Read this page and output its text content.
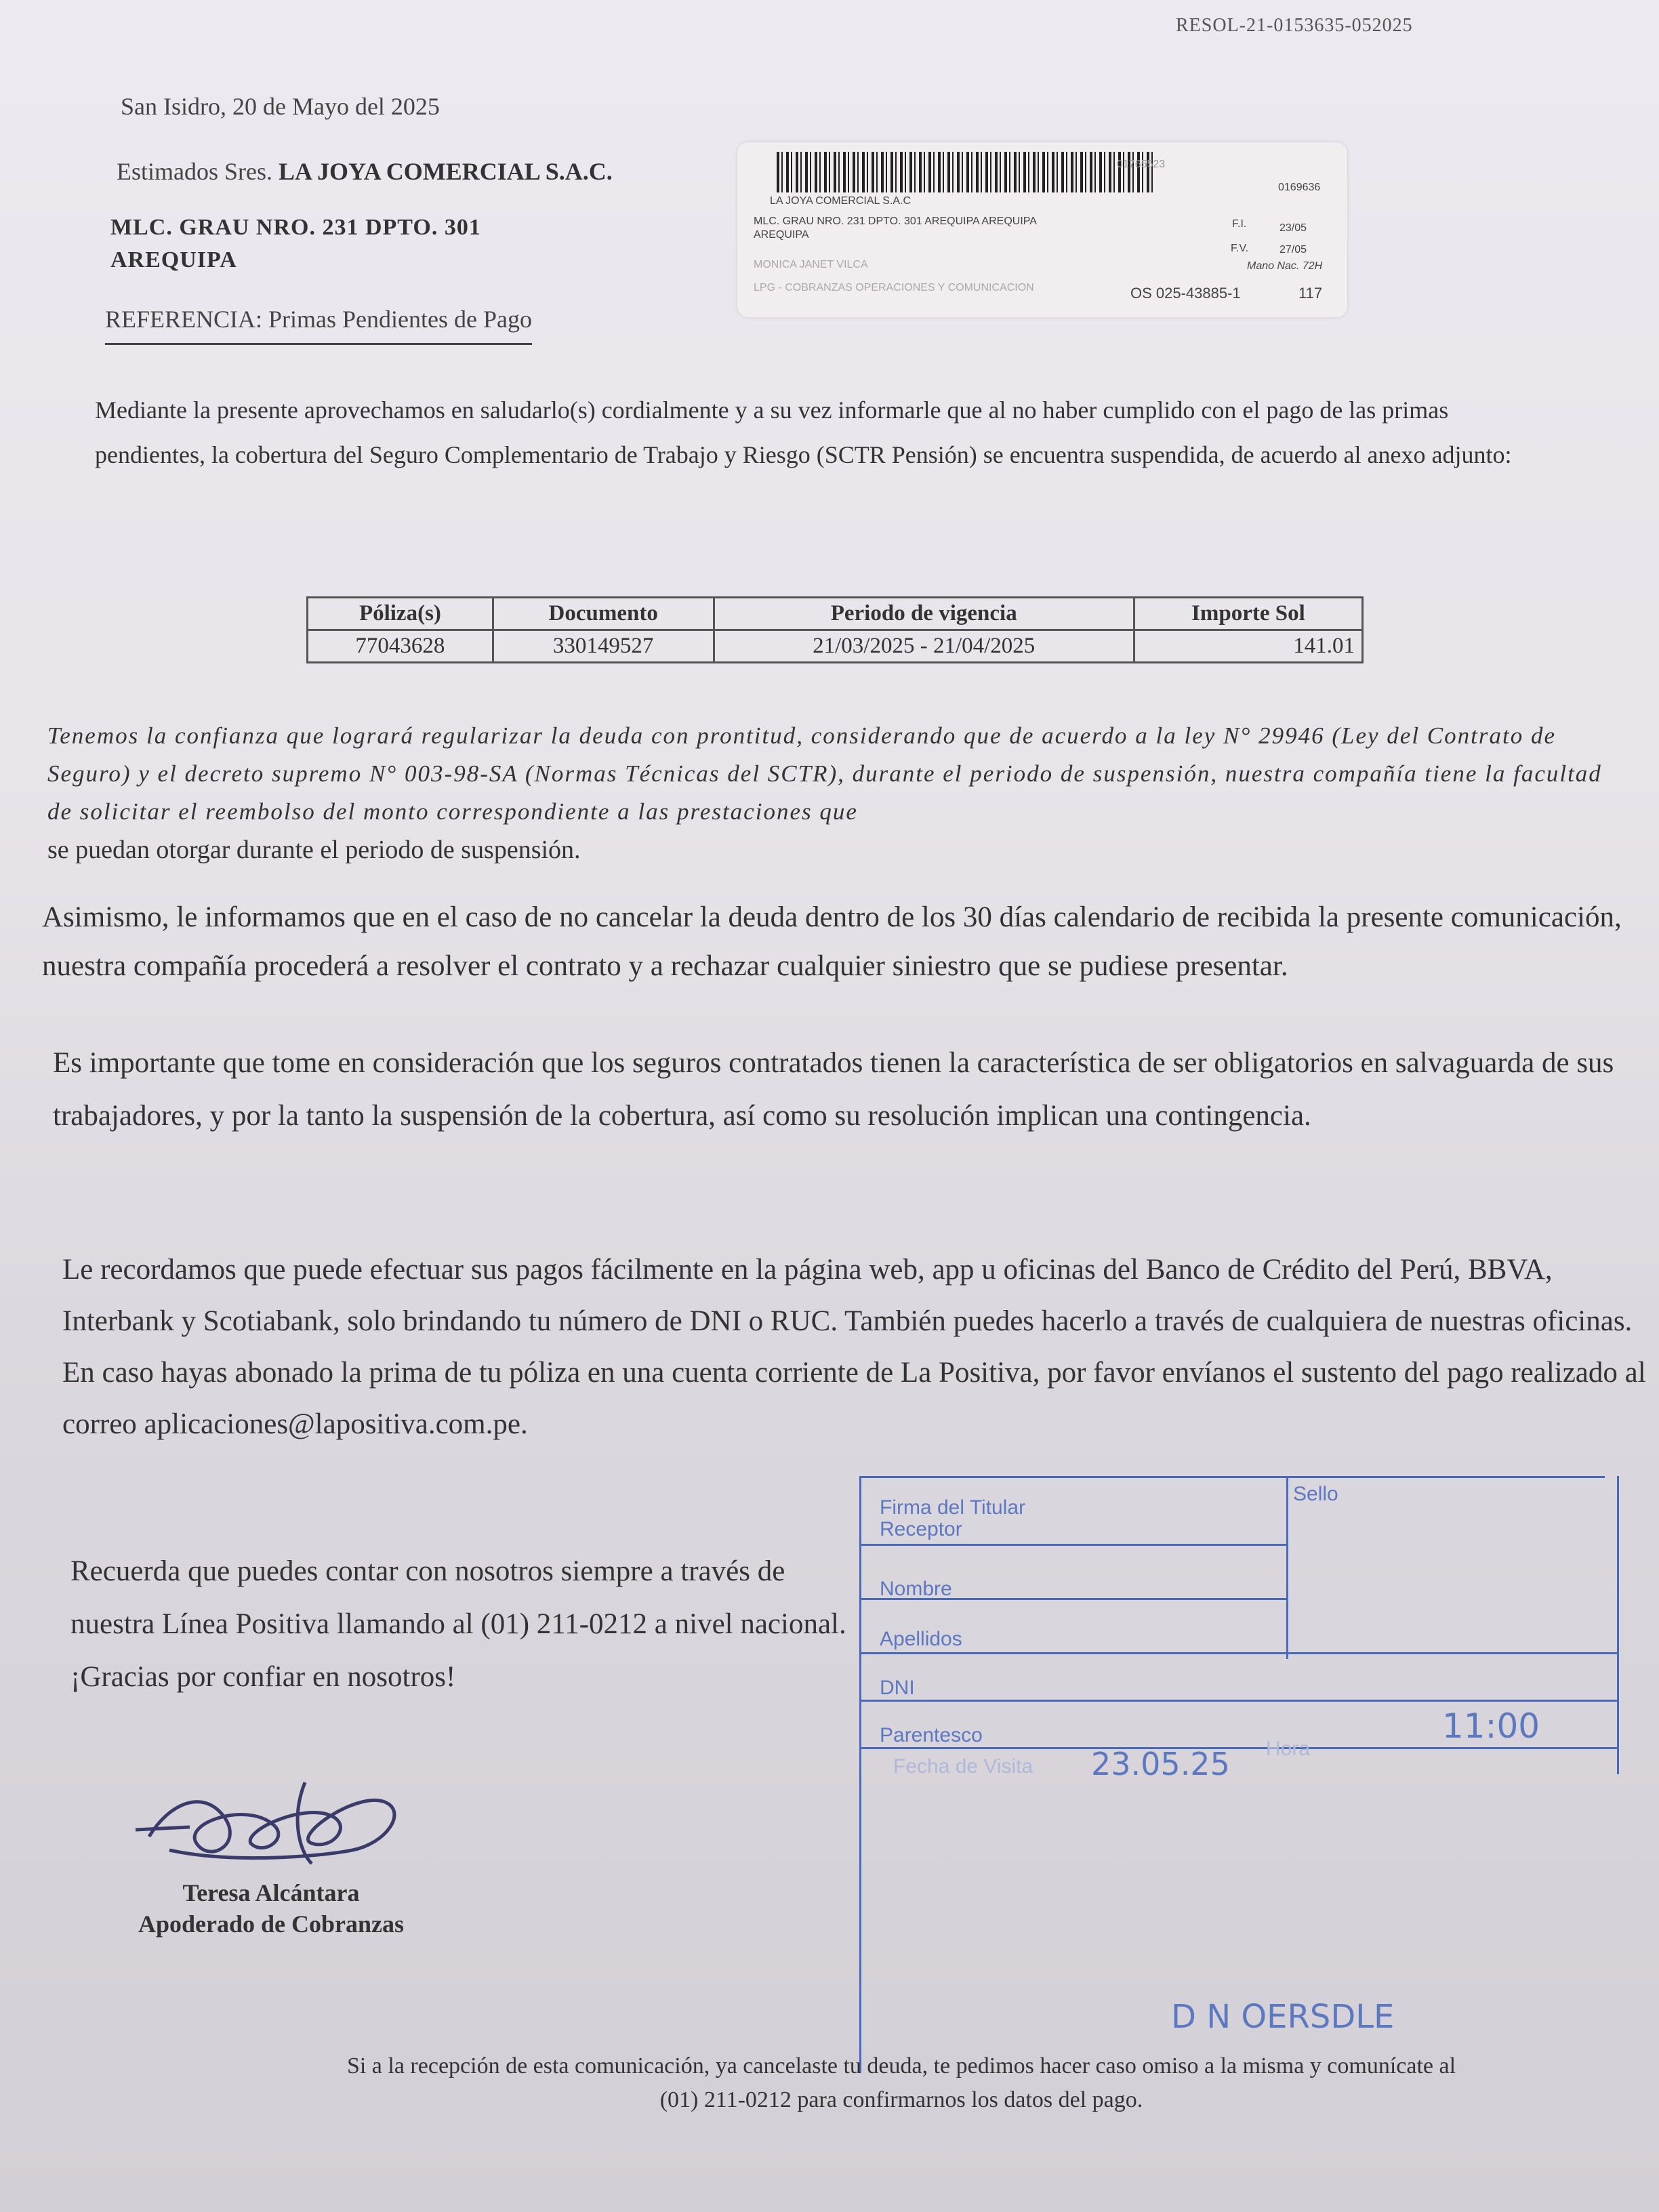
RESOL-21-0153635-052025
San Isidro, 20 de Mayo del 2025
Estimados Sres. LA JOYA COMERCIAL S.A.C.
MLC. GRAU NRO. 231 DPTO. 301
AREQUIPA
REFERENCIA: Primas Pendientes de Pago
01765523
LA JOYA COMERCIAL S.A.C
0169636
MLC. GRAU NRO. 231 DPTO. 301 AREQUIPA AREQUIPA
AREQUIPA
F.I.	23/05
F.V.	27/05
Mano Nac. 72H
MONICA JANET VILCA
LPG - COBRANZAS OPERACIONES Y COMUNICACION	OS 025-43885-1	117
Mediante la presente aprovechamos en saludarlo(s) cordialmente y a su vez informarle que al no haber cumplido con el pago de las primas pendientes, la cobertura del Seguro Complementario de Trabajo y Riesgo (SCTR Pensión) se encuentra suspendida, de acuerdo al anexo adjunto:
Póliza(s)	Documento	Periodo de vigencia	Importe Sol
77043628	330149527	21/03/2025 - 21/04/2025	141.01
Tenemos la confianza que logrará regularizar la deuda con prontitud, considerando que de acuerdo a la ley N° 29946 (Ley del Contrato de Seguro) y el decreto supremo N° 003-98-SA (Normas Técnicas del SCTR), durante el periodo de suspensión, nuestra compañía tiene la facultad de solicitar el reembolso del monto correspondiente a las prestaciones que
se puedan otorgar durante el periodo de suspensión.
Asimismo, le informamos que en el caso de no cancelar la deuda dentro de los 30 días calendario de recibida la presente comunicación, nuestra compañía procederá a resolver el contrato y a rechazar cualquier siniestro que se pudiese presentar.
Es importante que tome en consideración que los seguros contratados tienen la característica de ser obligatorios en salvaguarda de sus trabajadores, y por la tanto la suspensión de la cobertura, así como su resolución implican una contingencia.
Le recordamos que puede efectuar sus pagos fácilmente en la página web, app u oficinas del Banco de Crédito del Perú, BBVA, Interbank y Scotiabank, solo brindando tu número de DNI o RUC. También puedes hacerlo a través de cualquiera de nuestras oficinas. En caso hayas abonado la prima de tu póliza en una cuenta corriente de La Positiva, por favor envíanos el sustento del pago realizado al correo aplicaciones@lapositiva.com.pe.
Recuerda que puedes contar con nosotros siempre a través de nuestra Línea Positiva llamando al (01) 211-0212 a nivel nacional. ¡Gracias por confiar en nosotros!
Firma del Titular
Sello
Receptor
Nombre
Apellidos
DNI
Parentesco
Fecha de Visita 23.05.25 Hora
11:00
D N OERSDLE
Teresa Alcántara
Apoderado de Cobranzas
Si a la recepción de esta comunicación, ya cancelaste tu deuda, te pedimos hacer caso omiso a la misma y comunícate al
(01) 211-0212 para confirmarnos los datos del pago.
